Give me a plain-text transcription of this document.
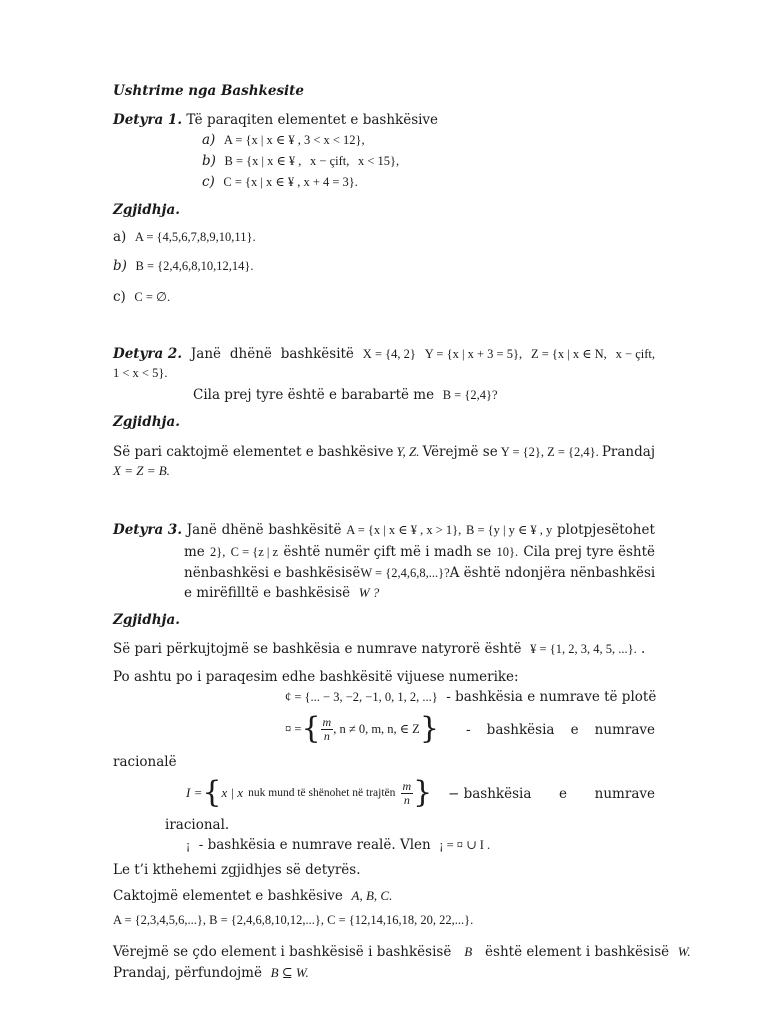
Ushtrime nga Bashkesite
Detyra 1. Të paraqiten elementet e bashkësive
a) A = {x | x ∈ ¥ , 3 < x < 12},
b) B = {x | x ∈ ¥ , x − çift, x < 15},
c) C = {x | x ∈ ¥ , x + 4 = 3}.
Zgjidhja.
a) A = {4,5,6,7,8,9,10,11}.
b) B = {2,4,6,8,10,12,14}.
c) C = ∅.
Detyra 2. Janë dhënë bashkësitë X = {4, 2} Y = {x | x + 3 = 5}, Z = {x | x ∈ N, x − çift,
1 < x < 5}.
Cila prej tyre është e barabartë me B = {2,4}?
Zgjidhja.
Së pari caktojmë elementet e bashkësive Y, Z. Vërejmë se Y = {2}, Z = {2,4}. Prandaj
X = Z = B.
Detyra 3. Janë dhënë bashkësitë A = {x | x ∈ ¥ , x > 1}, B = {y | y ∈ ¥ , y plotpjesëtohet
me 2}, C = {z | z është numër çift më i madh se 10}. Cila prej tyre është
nënbashkësi e bashkësisë W = {2,4,6,8,...}? A është ndonjëra nënbashkësi
e mirëfilltë e bashkësisë W ?
Zgjidhja.
Së pari përkujtojmë se bashkësia e numrave natyrorë është ¥ = {1, 2, 3, 4, 5, ...}. .
Po ashtu po i paraqesim edhe bashkësitë vijuese numerike:
¢ = {... − 3, −2, −1, 0, 1, 2, ...} - bashkësia e numrave të plotë
¤ = { $\frac{m}{n}$ , n ≠ 0, m, n, ∈ Z } - bashkësia e numrave
racionalë
I = { x | x
nuk mund të shënohet në trajtën
$\frac{m}{n}$ } − bashkësia e numrave
iracional.
¡ - bashkësia e numrave realë. Vlen ¡ = ¤ ∪ I .
Le t’i kthehemi zgjidhjes së detyrës.
Caktojmë elementet e bashkësive A, B, C.
A = {2,3,4,5,6,...}, B = {2,4,6,8,10,12,...}, C = {12,14,16,18, 20, 22,...}.
Vërejmë se çdo element i bashkësisë i bashkësisë B është element i bashkësisë W.
Prandaj, përfundojmë B ⊆ W.
